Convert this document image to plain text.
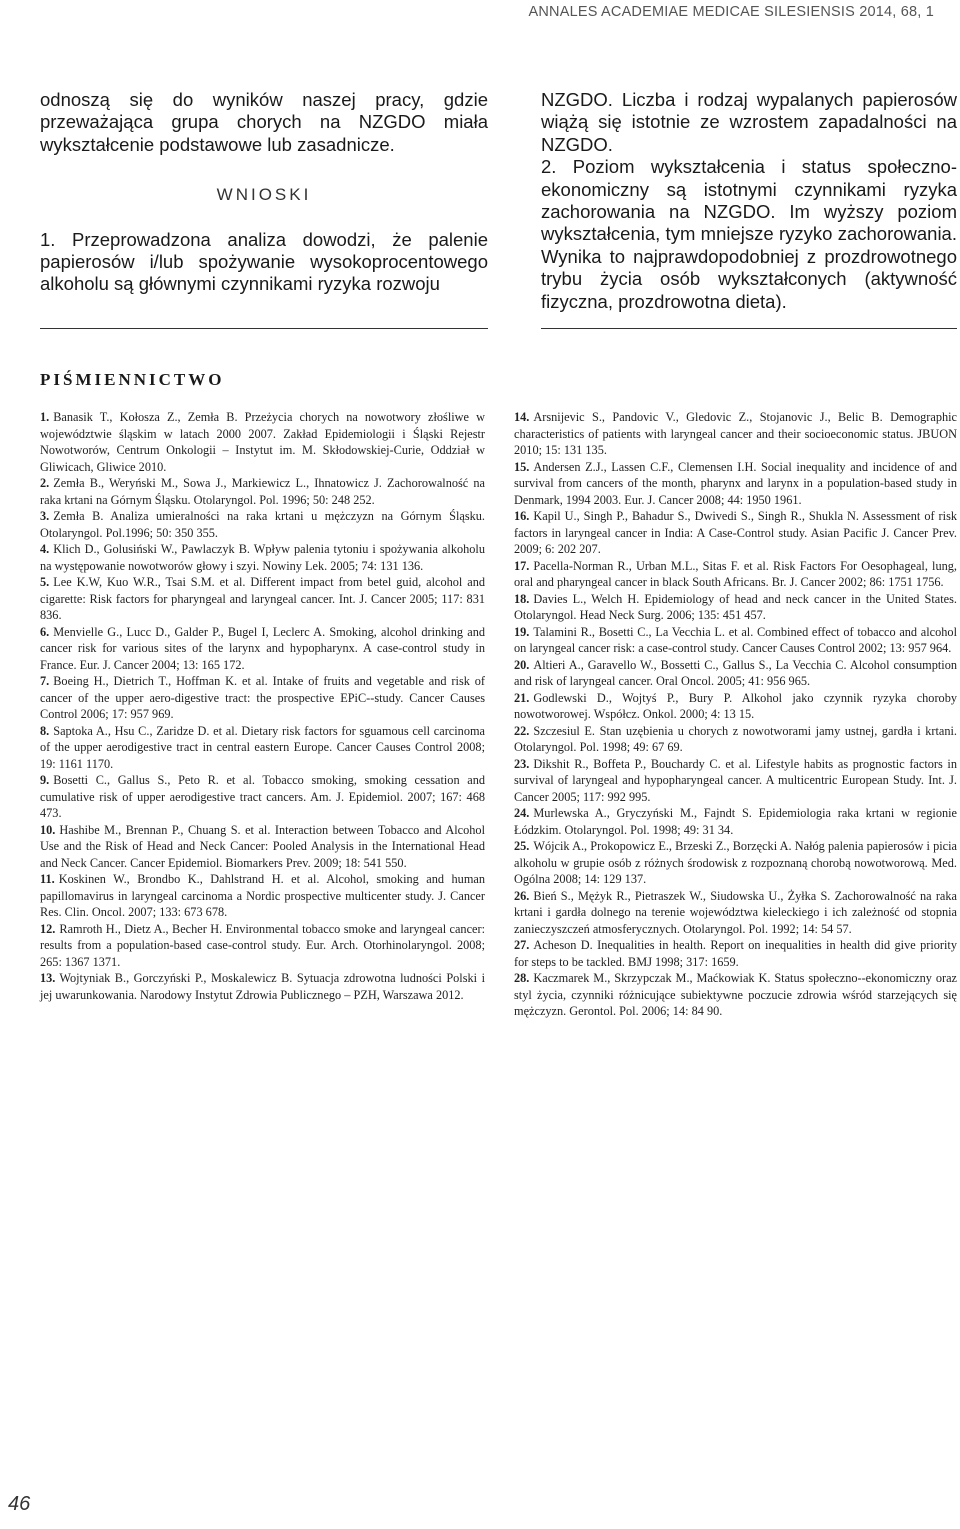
ANNALES ACADEMIAE MEDICAE SILESIENSIS 2014, 68, 1

odnoszą się do wyników naszej pracy, gdzie przeważająca grupa chorych na NZGDO miała wykształcenie podstawowe lub zasadnicze.

WNIOSKI

1. Przeprowadzona analiza dowodzi, że palenie papierosów i/lub spożywanie wysokoprocentowego alkoholu są głównymi czynnikami ryzyka rozwoju

NZGDO. Liczba i rodzaj wypalanych papierosów wiążą się istotnie ze wzrostem zapadalności na NZGDO.

2. Poziom wykształcenia i status społeczno-ekonomiczny są istotnymi czynnikami ryzyka zachorowania na NZGDO. Im wyższy poziom wykształcenia, tym mniejsze ryzyko zachorowania. Wynika to najprawdopodobniej z prozdrowotnego trybu życia osób wykształconych (aktywność fizyczna, prozdrowotna dieta).

PIŚMIENNICTWO

1. Banasik T., Kołosza Z., Zemła B. Przeżycia chorych na nowotwory złośliwe w województwie śląskim w latach 2000 2007. Zakład Epidemiologii i Śląski Rejestr Nowotworów, Centrum Onkologii – Instytut im. M. Skłodowskiej-Curie, Oddział w Gliwicach, Gliwice 2010.

2. Zemła B., Weryński M., Sowa J., Markiewicz L., Ihnatowicz J. Zachorowalność na raka krtani na Górnym Śląsku. Otolaryngol. Pol. 1996; 50: 248 252.

3. Zemła B. Analiza umieralności na raka krtani u mężczyzn na Górnym Śląsku. Otolaryngol. Pol.1996; 50: 350 355.

4. Klich D., Golusiński W., Pawlaczyk B. Wpływ palenia tytoniu i spożywania alkoholu na występowanie nowotworów głowy i szyi. Nowiny Lek. 2005; 74: 131 136.

5. Lee K.W, Kuo W.R., Tsai S.M. et al. Different impact from betel guid, alcohol and cigarette: Risk factors for pharyngeal and laryngeal cancer. Int. J. Cancer 2005; 117: 831 836.

6. Menvielle G., Lucc D., Galder P., Bugel I, Leclerc A. Smoking, alcohol drinking and cancer risk for various sites of the larynx and hypopharynx. A case-control study in France. Eur. J. Cancer 2004; 13: 165 172.

7. Boeing H., Dietrich T., Hoffman K. et al. Intake of fruits and vegetable and risk of cancer of the upper aero-digestive tract: the prospective EPiC--study. Cancer Causes Control 2006; 17: 957 969.

8. Saptoka A., Hsu C., Zaridze D. et al. Dietary risk factors for sguamous cell carcinoma of the upper aerodigestive tract in central eastern Europe. Cancer Causes Control 2008; 19: 1161 1170.

9. Bosetti C., Gallus S., Peto R. et al. Tobacco smoking, smoking cessation and cumulative risk of upper aerodigestive tract cancers. Am. J. Epidemiol. 2007; 167: 468 473.

10. Hashibe M., Brennan P., Chuang S. et al. Interaction between Tobacco and Alcohol Use and the Risk of Head and Neck Cancer: Pooled Analysis in the International Head and Neck Cancer. Cancer Epidemiol. Biomarkers Prev. 2009; 18: 541 550.

11. Koskinen W., Brondbo K., Dahlstrand H. et al. Alcohol, smoking and human papillomavirus in laryngeal carcinoma a Nordic prospective multicenter study. J. Cancer Res. Clin. Oncol. 2007; 133: 673 678.

12. Ramroth H., Dietz A., Becher H. Environmental tobacco smoke and laryngeal cancer: results from a population-based case-control study. Eur. Arch. Otorhinolaryngol. 2008; 265: 1367 1371.

13. Wojtyniak B., Gorczyński P., Moskalewicz B. Sytuacja zdrowotna ludności Polski i jej uwarunkowania. Narodowy Instytut Zdrowia Publicznego – PZH, Warszawa 2012.

14. Arsnijevic S., Pandovic V., Gledovic Z., Stojanovic J., Belic B. Demographic characteristics of patients with laryngeal cancer and their socioeconomic status. JBUON 2010; 15: 131 135.

15. Andersen Z.J., Lassen C.F., Clemensen I.H. Social inequality and incidence of and survival from cancers of the month, pharynx and larynx in a population-based study in Denmark, 1994 2003. Eur. J. Cancer 2008; 44: 1950 1961.

16. Kapil U., Singh P., Bahadur S., Dwivedi S., Singh R., Shukla N. Assessment of risk factors in laryngeal cancer in India: A Case-Control study. Asian Pacific J. Cancer Prev. 2009; 6: 202 207.

17. Pacella-Norman R., Urban M.L., Sitas F. et al. Risk Factors For Oesophageal, lung, oral and pharyngeal cancer in black South Africans. Br. J. Cancer 2002; 86: 1751 1756.

18. Davies L., Welch H. Epidemiology of head and neck cancer in the United States. Otolaryngol. Head Neck Surg. 2006; 135: 451 457.

19. Talamini R., Bosetti C., La Vecchia L. et al. Combined effect of tobacco and alcohol on laryngeal cancer risk: a case-control study. Cancer Causes Control 2002; 13: 957 964.

20. Altieri A., Garavello W., Bossetti C., Gallus S., La Vecchia C. Alcohol consumption and risk of laryngeal cancer. Oral Oncol. 2005; 41: 956 965.

21. Godlewski D., Wojtyś P., Bury P. Alkohol jako czynnik ryzyka choroby nowotworowej. Współcz. Onkol. 2000; 4: 13 15.

22. Szczesiul E. Stan uzębienia u chorych z nowotworami jamy ustnej, gardła i krtani. Otolaryngol. Pol. 1998; 49: 67 69.

23. Dikshit R., Boffeta P., Bouchardy C. et al. Lifestyle habits as prognostic factors in survival of laryngeal and hypopharyngeal cancer. A multicentric European Study. Int. J. Cancer 2005; 117: 992 995.

24. Murlewska A., Gryczyński M., Fajndt S. Epidemiologia raka krtani w regionie Łódzkim. Otolaryngol. Pol. 1998; 49: 31 34.

25. Wójcik A., Prokopowicz E., Brzeski Z., Borzęcki A. Nałóg palenia papierosów i picia alkoholu w grupie osób z różnych środowisk z rozpoznaną chorobą nowotworową. Med. Ogólna 2008; 14: 129 137.

26. Bień S., Mężyk R., Pietraszek W., Siudowska U., Żyłka S. Zachorowalność na raka krtani i gardła dolnego na terenie województwa kieleckiego i ich zależność od stopnia zanieczyszczeń atmosferycznych. Otolaryngol. Pol. 1992; 14: 54 57.

27. Acheson D. Inequalities in health. Report on inequalities in health did give priority for steps to be tackled. BMJ 1998; 317: 1659.

28. Kaczmarek M., Skrzypczak M., Maćkowiak K. Status społeczno--ekonomiczny oraz styl życia, czynniki różnicujące subiektywne poczucie zdrowia wśród starzejących się mężczyzn. Gerontol. Pol. 2006; 14: 84 90.

46
